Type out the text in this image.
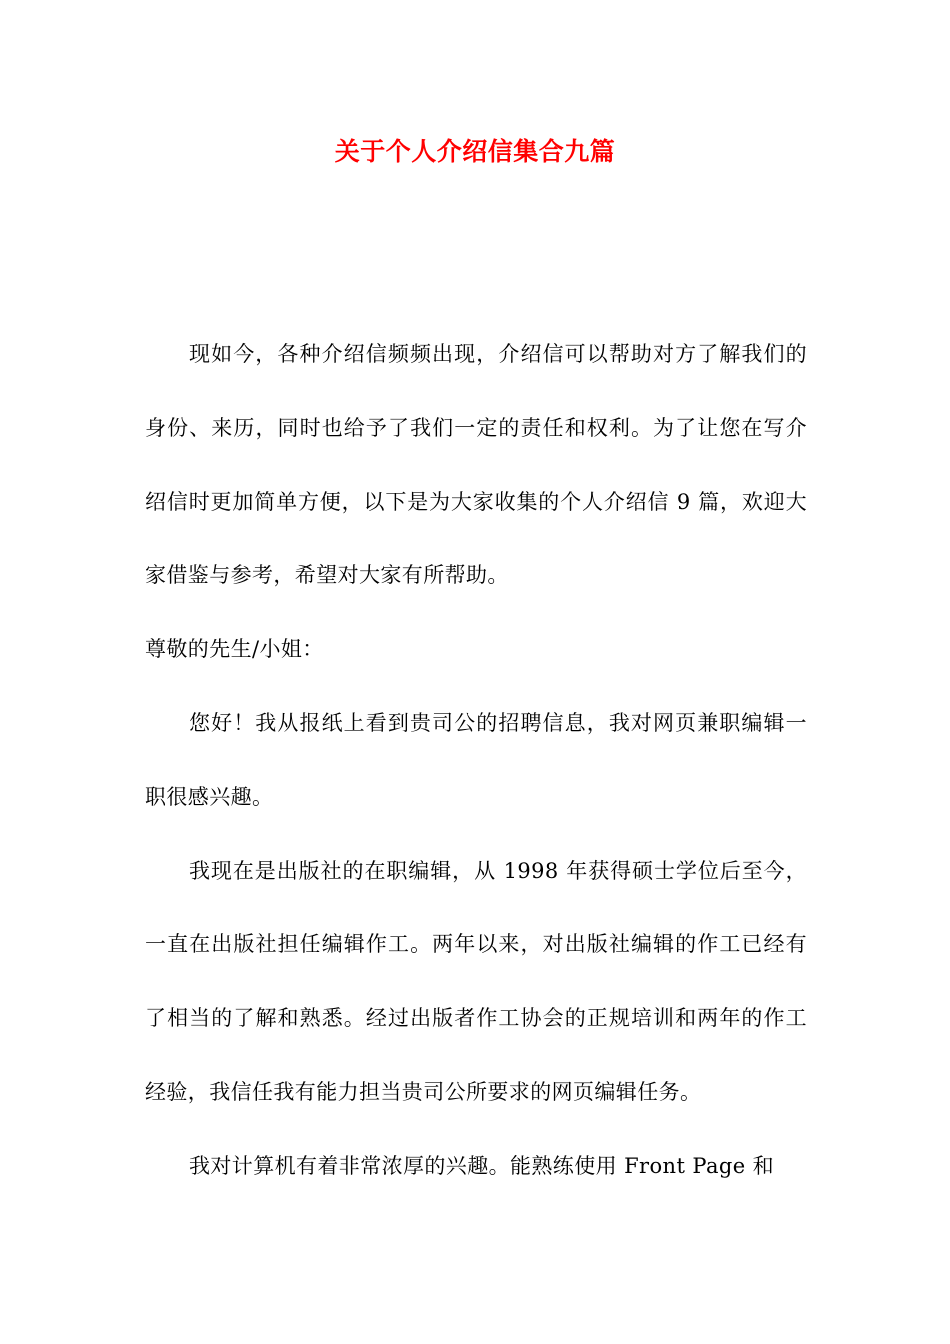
关于个人介绍信集合九篇

现如今，各种介绍信频频出现，介绍信可以帮助对方了解我们的身份、来历，同时也给予了我们一定的责任和权利。为了让您在写介绍信时更加简单方便，以下是为大家收集的个人介绍信 9 篇，欢迎大家借鉴与参考，希望对大家有所帮助。

尊敬的先生/小姐：

您好！我从报纸上看到贵司公的招聘信息，我对网页兼职编辑一职很感兴趣。

我现在是出版社的在职编辑，从 1998 年获得硕士学位后至今，一直在出版社担任编辑作工。两年以来，对出版社编辑的作工已经有了相当的了解和熟悉。经过出版者作工协会的正规培训和两年的作工经验，我信任我有能力担当贵司公所要求的网页编辑任务。

我对计算机有着非常浓厚的兴趣。能熟练使用 Front Page 和
